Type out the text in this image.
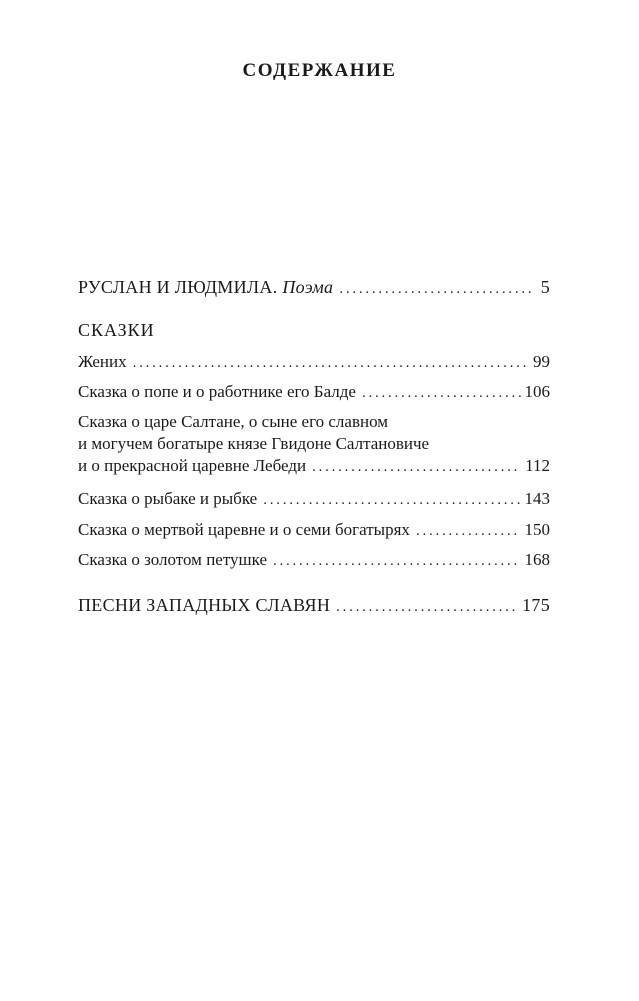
СОДЕРЖАНИЕ
РУСЛАН И ЛЮДМИЛА. Поэма . . .	5
СКАЗКИ
Жених . . .	99
Сказка о попе и о работнике его Балде . . .	106
Сказка о царе Салтане, о сыне его славном
и могучем богатыре князе Гвидоне Салтановиче
и о прекрасной царевне Лебеди . . .	112
Сказка о рыбаке и рыбке . . .	143
Сказка о мертвой царевне и о семи богатырях . . .	150
Сказка о золотом петушке . . .	168
ПЕСНИ ЗАПАДНЫХ СЛАВЯН . . .	175
